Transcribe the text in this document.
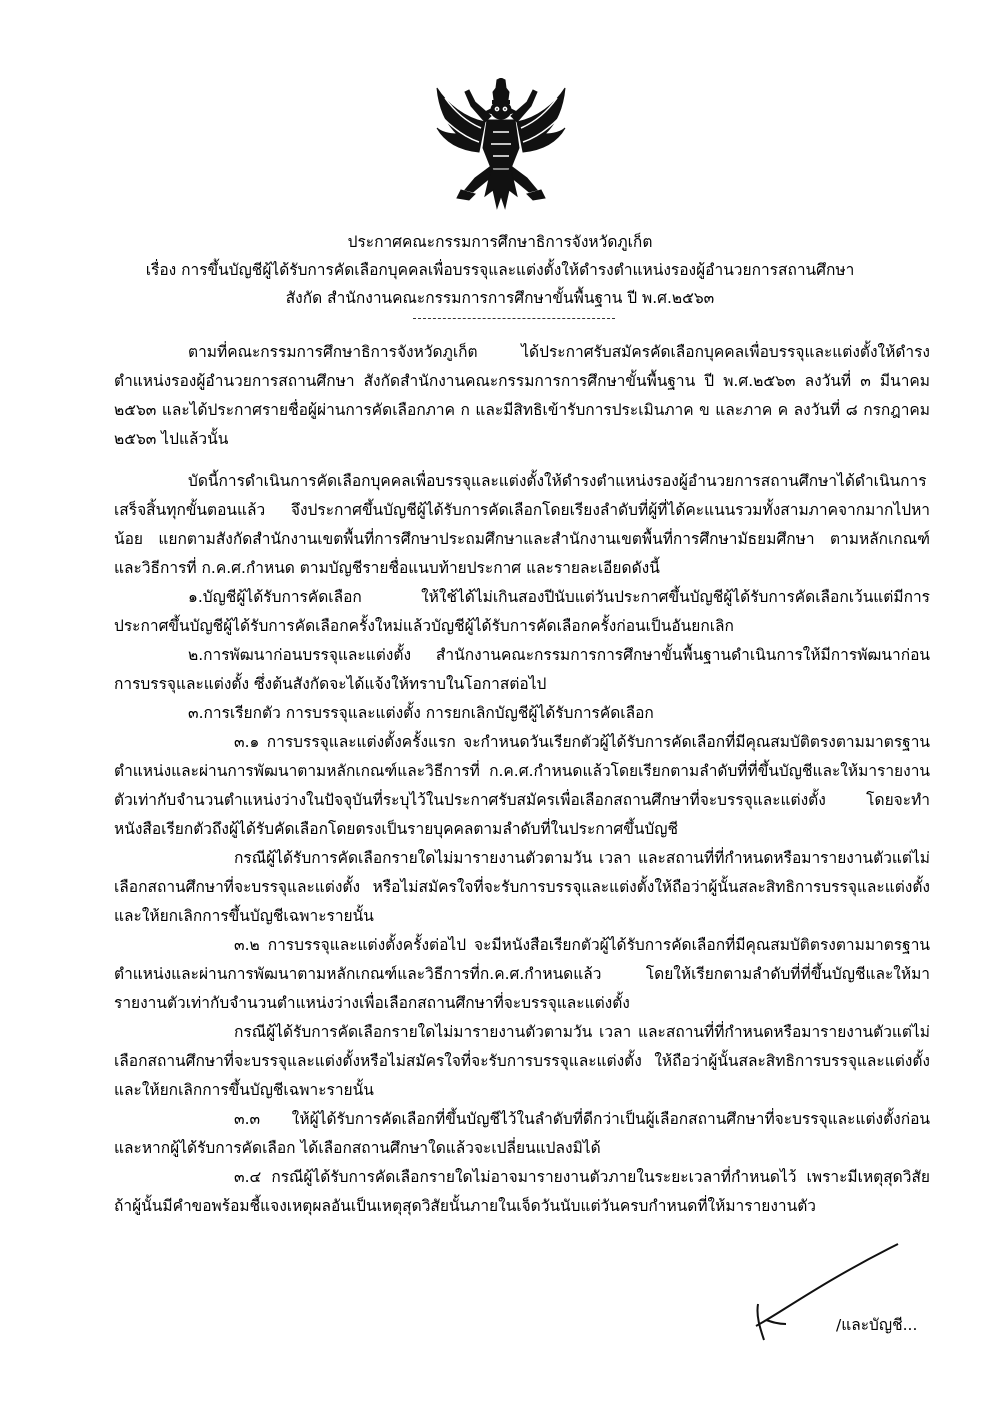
ประกาศคณะกรรมการศึกษาธิการจังหวัดภูเก็ต
เรื่อง การขึ้นบัญชีผู้ได้รับการคัดเลือกบุคคลเพื่อบรรจุและแต่งตั้งให้ดำรงตำแหน่งรองผู้อำนวยการสถานศึกษา
สังกัด สำนักงานคณะกรรมการการศึกษาขั้นพื้นฐาน ปี พ.ศ.๒๕๖๓

ตามที่คณะกรรมการศึกษาธิการจังหวัดภูเก็ต ได้ประกาศรับสมัครคัดเลือกบุคคลเพื่อบรรจุและแต่งตั้งให้ดำรงตำแหน่งรองผู้อำนวยการสถานศึกษา สังกัดสำนักงานคณะกรรมการการศึกษาขั้นพื้นฐาน ปี พ.ศ.๒๕๖๓ ลงวันที่ ๓ มีนาคม ๒๕๖๓ และได้ประกาศรายชื่อผู้ผ่านการคัดเลือกภาค ก และมีสิทธิเข้ารับการประเมินภาค ข และภาค ค ลงวันที่ ๘ กรกฎาคม ๒๕๖๓ ไปแล้วนั้น

บัดนี้การดำเนินการคัดเลือกบุคคลเพื่อบรรจุและแต่งตั้งให้ดำรงตำแหน่งรองผู้อำนวยการสถานศึกษาได้ดำเนินการเสร็จสิ้นทุกขั้นตอนแล้ว จึงประกาศขึ้นบัญชีผู้ได้รับการคัดเลือกโดยเรียงลำดับที่ผู้ที่ได้คะแนนรวมทั้งสามภาคจากมากไปหาน้อย แยกตามสังกัดสำนักงานเขตพื้นที่การศึกษาประถมศึกษาและสำนักงานเขตพื้นที่การศึกษามัธยมศึกษา ตามหลักเกณฑ์และวิธีการที่ ก.ค.ศ.กำหนด ตามบัญชีรายชื่อแนบท้ายประกาศ และรายละเอียดดังนี้

๑.บัญชีผู้ได้รับการคัดเลือก ให้ใช้ได้ไม่เกินสองปีนับแต่วันประกาศขึ้นบัญชีผู้ได้รับการคัดเลือกเว้นแต่มีการประกาศขึ้นบัญชีผู้ได้รับการคัดเลือกครั้งใหม่แล้วบัญชีผู้ได้รับการคัดเลือกครั้งก่อนเป็นอันยกเลิก

๒.การพัฒนาก่อนบรรจุและแต่งตั้ง สำนักงานคณะกรรมการการศึกษาขั้นพื้นฐานดำเนินการให้มีการพัฒนาก่อนการบรรจุและแต่งตั้ง ซึ่งต้นสังกัดจะได้แจ้งให้ทราบในโอกาสต่อไป

๓.การเรียกตัว การบรรจุและแต่งตั้ง การยกเลิกบัญชีผู้ได้รับการคัดเลือก

๓.๑ การบรรจุและแต่งตั้งครั้งแรก จะกำหนดวันเรียกตัวผู้ได้รับการคัดเลือกที่มีคุณสมบัติตรงตามมาตรฐานตำแหน่งและผ่านการพัฒนาตามหลักเกณฑ์และวิธีการที่ ก.ค.ศ.กำหนดแล้วโดยเรียกตามลำดับที่ที่ขึ้นบัญชีและให้มารายงานตัวเท่ากับจำนวนตำแหน่งว่างในปัจจุบันที่ระบุไว้ในประกาศรับสมัครเพื่อเลือกสถานศึกษาที่จะบรรจุและแต่งตั้ง โดยจะทำหนังสือเรียกตัวถึงผู้ได้รับคัดเลือกโดยตรงเป็นรายบุคคลตามลำดับที่ในประกาศขึ้นบัญชี

กรณีผู้ได้รับการคัดเลือกรายใดไม่มารายงานตัวตามวัน เวลา และสถานที่ที่กำหนดหรือมารายงานตัวแต่ไม่เลือกสถานศึกษาที่จะบรรจุและแต่งตั้ง หรือไม่สมัครใจที่จะรับการบรรจุและแต่งตั้งให้ถือว่าผู้นั้นสละสิทธิการบรรจุและแต่งตั้งและให้ยกเลิกการขึ้นบัญชีเฉพาะรายนั้น

๓.๒ การบรรจุและแต่งตั้งครั้งต่อไป จะมีหนังสือเรียกตัวผู้ได้รับการคัดเลือกที่มีคุณสมบัติตรงตามมาตรฐานตำแหน่งและผ่านการพัฒนาตามหลักเกณฑ์และวิธีการที่ก.ค.ศ.กำหนดแล้ว โดยให้เรียกตามลำดับที่ที่ขึ้นบัญชีและให้มารายงานตัวเท่ากับจำนวนตำแหน่งว่างเพื่อเลือกสถานศึกษาที่จะบรรจุและแต่งตั้ง

กรณีผู้ได้รับการคัดเลือกรายใดไม่มารายงานตัวตามวัน เวลา และสถานที่ที่กำหนดหรือมารายงานตัวแต่ไม่เลือกสถานศึกษาที่จะบรรจุและแต่งตั้งหรือไม่สมัครใจที่จะรับการบรรจุและแต่งตั้ง ให้ถือว่าผู้นั้นสละสิทธิการบรรจุและแต่งตั้ง และให้ยกเลิกการขึ้นบัญชีเฉพาะรายนั้น

๓.๓ ให้ผู้ได้รับการคัดเลือกที่ขึ้นบัญชีไว้ในลำดับที่ดีกว่าเป็นผู้เลือกสถานศึกษาที่จะบรรจุและแต่งตั้งก่อนและหากผู้ได้รับการคัดเลือก ได้เลือกสถานศึกษาใดแล้วจะเปลี่ยนแปลงมิได้

๓.๔ กรณีผู้ได้รับการคัดเลือกรายใดไม่อาจมารายงานตัวภายในระยะเวลาที่กำหนดไว้ เพราะมีเหตุสุดวิสัย ถ้าผู้นั้นมีคำขอพร้อมชี้แจงเหตุผลอันเป็นเหตุสุดวิสัยนั้นภายในเจ็ดวันนับแต่วันครบกำหนดที่ให้มารายงานตัว

/และบัญชี...
